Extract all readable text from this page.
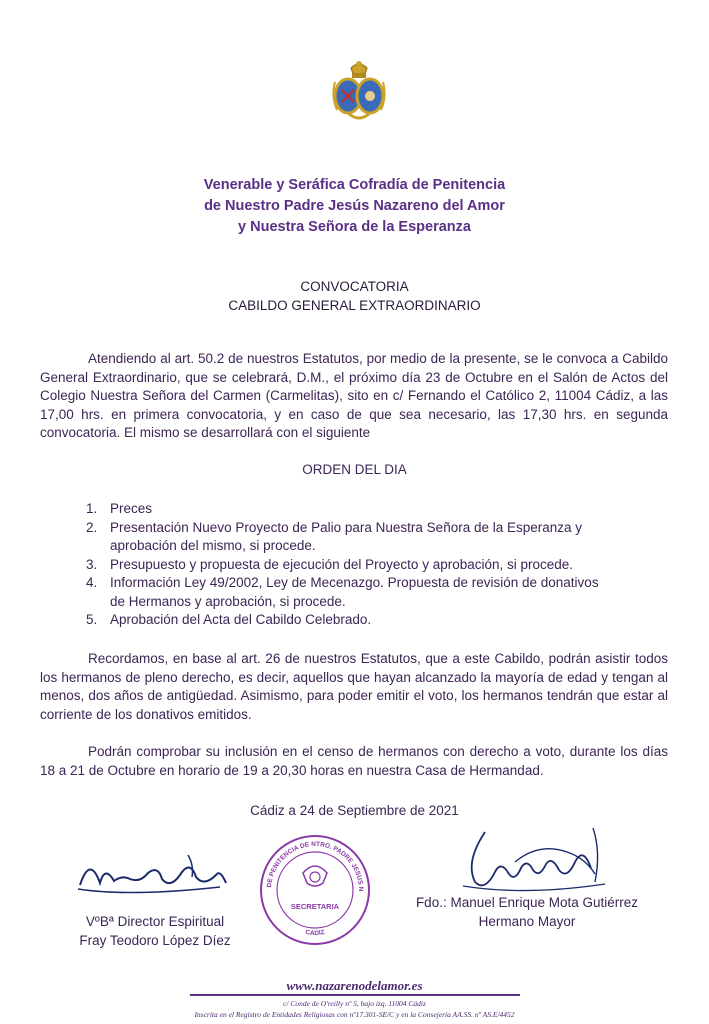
Venerable y Seráfica Cofradía de Penitencia
de Nuestro Padre Jesús Nazareno del Amor
y Nuestra Señora de la Esperanza
CONVOCATORIA
CABILDO GENERAL EXTRAORDINARIO

Atendiendo al art. 50.2 de nuestros Estatutos, por medio de la presente, se le convoca a Cabildo General Extraordinario, que se celebrará, D.M., el próximo día 23 de Octubre en el Salón de Actos del Colegio Nuestra Señora del Carmen (Carmelitas), sito en c/ Fernando el Católico 2, 11004 Cádiz, a las 17,00 hrs. en primera convocatoria, y en caso de que sea necesario, las 17,30 hrs. en segunda convocatoria. El mismo se desarrollará con el siguiente

ORDEN DEL DIA
1. Preces
2. Presentación Nuevo Proyecto de Palio para Nuestra Señora de la Esperanza y aprobación del mismo, si procede.
3. Presupuesto y propuesta de ejecución del Proyecto y aprobación, si procede.
4. Información Ley 49/2002, Ley de Mecenazgo. Propuesta de revisión de donativos de Hermanos y aprobación, si procede.
5. Aprobación del Acta del Cabildo Celebrado.

Recordamos, en base al art. 26 de nuestros Estatutos, que a este Cabildo, podrán asistir todos los hermanos de pleno derecho, es decir, aquellos que hayan alcanzado la mayoría de edad y tengan al menos, dos años de antigüedad. Asimismo, para poder emitir el voto, los hermanos tendrán que estar al corriente de los donativos emitidos.

Podrán comprobar su inclusión en el censo de hermanos con derecho a voto, durante los días 18 a 21 de Octubre en horario de 19 a 20,30 horas en nuestra Casa de Hermandad.

Cádiz a 24 de Septiembre de 2021
VºBª Director Espiritual
Fray Teodoro López Díez
DE PENITENCIA DE NTRO. PADRE JESUS N
CADIZ
SECRETARIA	Fdo.: Manuel Enrique Mota Gutiérrez
Hermano Mayor
www.nazarenodelamor.es
c/ Conde de O'reilly nº 5, bajo izq. 11004 Cádiz
Inscrita en el Registro de Entidades Religiosas con nº17.301-SE/C y en la Consejería AA.SS. nº AS.E/4452
